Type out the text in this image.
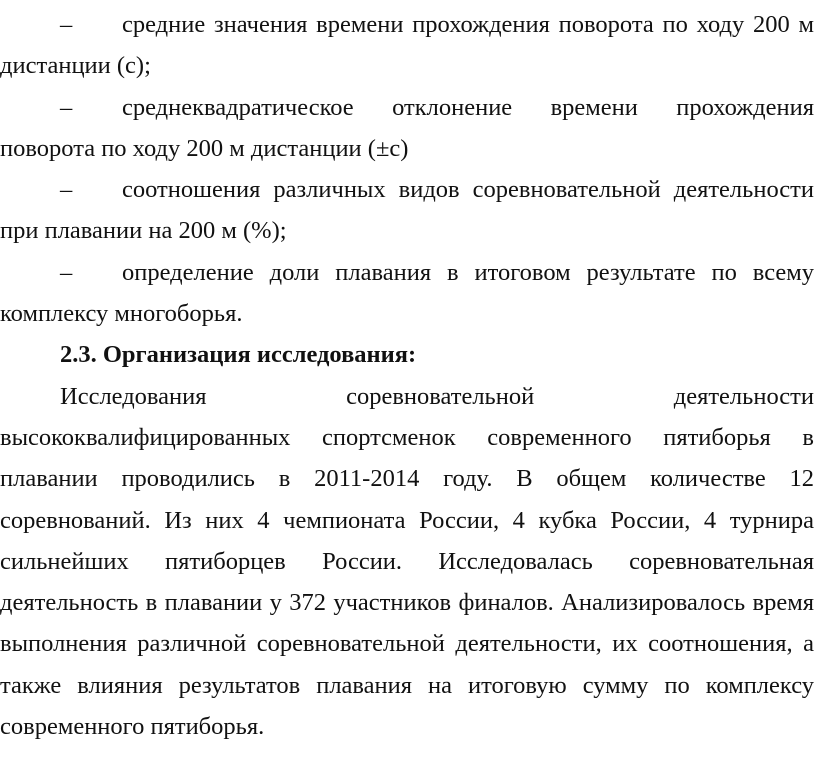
– средние значения времени прохождения поворота по ходу 200 м дистанции (с);

– среднеквадратическое отклонение времени прохождения поворота по ходу 200 м дистанции (±с)

– соотношения различных видов соревновательной деятельности при плавании на 200 м (%);

– определение доли плавания в итоговом результате по всему комплексу многоборья.

2.3. Организация исследования:

Исследования соревновательной деятельности высококвалифицированных спортсменок современного пятиборья в плавании проводились в 2011-2014 году. В общем количестве 12 соревнований. Из них 4 чемпионата России, 4 кубка России, 4 турнира сильнейших пятиборцев России. Исследовалась соревновательная деятельность в плавании у 372 участников финалов. Анализировалось время выполнения различной соревновательной деятельности, их соотношения, а также влияния результатов плавания на итоговую сумму по комплексу современного пятиборья.
